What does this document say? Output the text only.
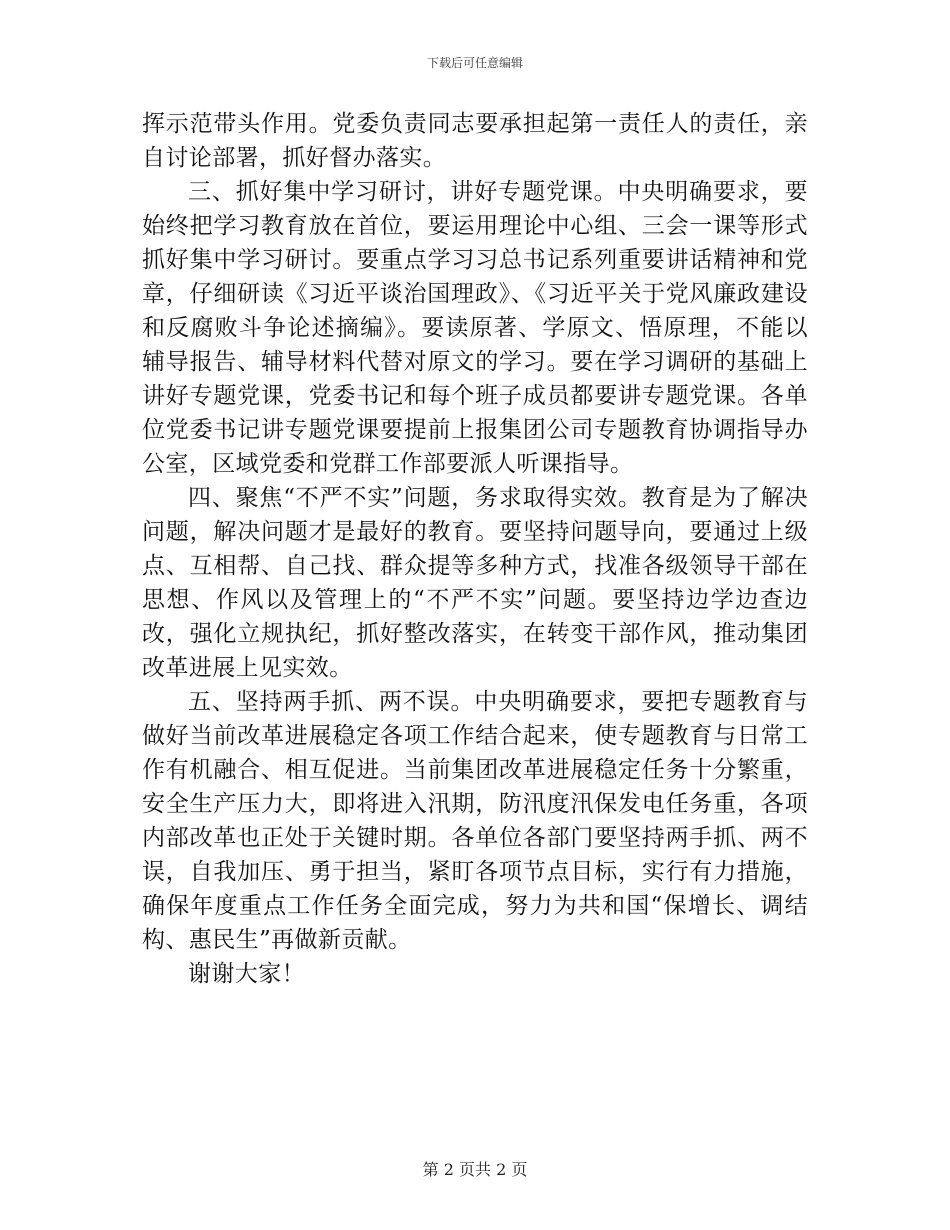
下载后可任意编辑

挥示范带头作用。党委负责同志要承担起第一责任人的责任，亲自讨论部署，抓好督办落实。

三、抓好集中学习研讨，讲好专题党课。中央明确要求，要始终把学习教育放在首位，要运用理论中心组、三会一课等形式抓好集中学习研讨。要重点学习习总书记系列重要讲话精神和党章，仔细研读《习近平谈治国理政》、《习近平关于党风廉政建设和反腐败斗争论述摘编》。要读原著、学原文、悟原理，不能以辅导报告、辅导材料代替对原文的学习。要在学习调研的基础上讲好专题党课，党委书记和每个班子成员都要讲专题党课。各单位党委书记讲专题党课要提前上报集团公司专题教育协调指导办公室，区域党委和党群工作部要派人听课指导。

四、聚焦“不严不实”问题，务求取得实效。教育是为了解决问题，解决问题才是最好的教育。要坚持问题导向，要通过上级点、互相帮、自己找、群众提等多种方式，找准各级领导干部在思想、作风以及管理上的“不严不实”问题。要坚持边学边查边改，强化立规执纪，抓好整改落实，在转变干部作风，推动集团改革进展上见实效。

五、坚持两手抓、两不误。中央明确要求，要把专题教育与做好当前改革进展稳定各项工作结合起来，使专题教育与日常工作有机融合、相互促进。当前集团改革进展稳定任务十分繁重，安全生产压力大，即将进入汛期，防汛度汛保发电任务重，各项内部改革也正处于关键时期。各单位各部门要坚持两手抓、两不误，自我加压、勇于担当，紧盯各项节点目标，实行有力措施，确保年度重点工作任务全面完成，努力为共和国“保增长、调结构、惠民生”再做新贡献。

谢谢大家！

第 2 页共 2 页
